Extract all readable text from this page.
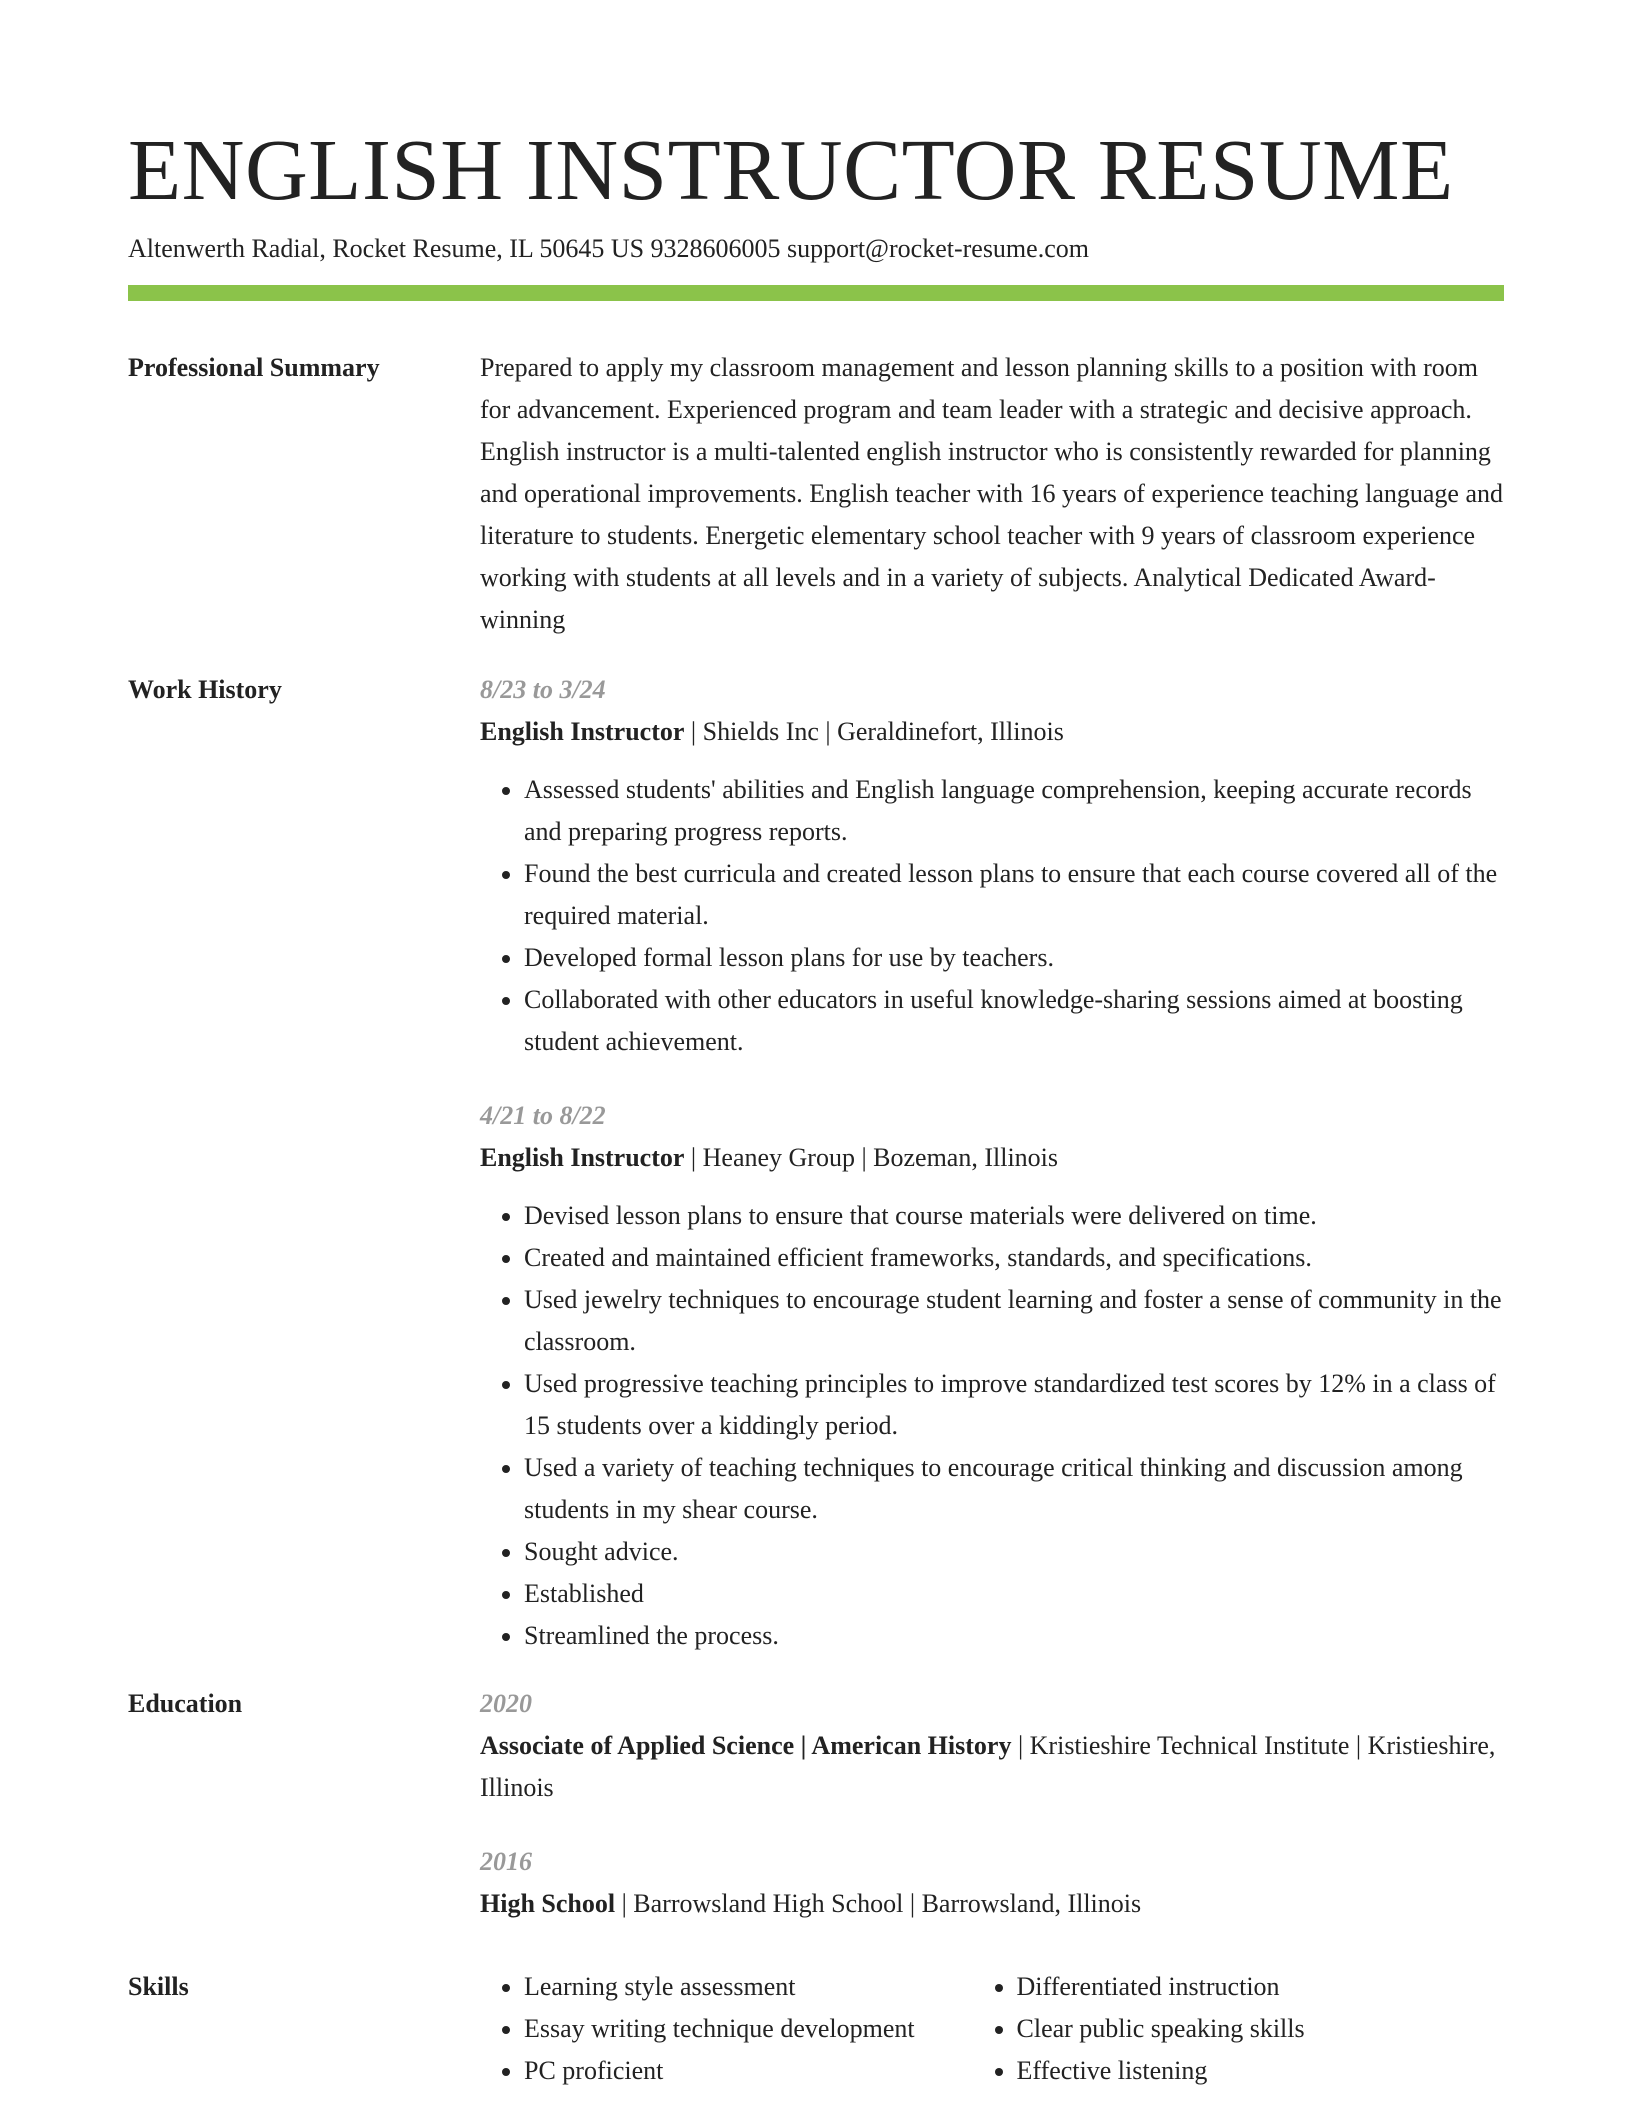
ENGLISH INSTRUCTOR RESUME
Altenwerth Radial, Rocket Resume, IL 50645 US 9328606005 support@rocket-resume.com
Professional Summary	Prepared to apply my classroom management and lesson planning skills to a position with room for advancement. Experienced program and team leader with a strategic and decisive approach. English instructor is a multi-talented english instructor who is consistently rewarded for planning and operational improvements. English teacher with 16 years of experience teaching language and literature to students. Energetic elementary school teacher with 9 years of classroom experience working with students at all levels and in a variety of subjects. Analytical Dedicated Award-winning

Work History	8/23 to 3/24

English Instructor | Shields Inc | Geraldinefort, Illinois

• Assessed students' abilities and English language comprehension, keeping accurate records and preparing progress reports.
• Found the best curricula and created lesson plans to ensure that each course covered all of the required material.
• Developed formal lesson plans for use by teachers.
• Collaborated with other educators in useful knowledge-sharing sessions aimed at boosting student achievement.
4/21 to 8/22

English Instructor | Heaney Group | Bozeman, Illinois

• Devised lesson plans to ensure that course materials were delivered on time.
• Created and maintained efficient frameworks, standards, and specifications.
• Used jewelry techniques to encourage student learning and foster a sense of community in the classroom.
• Used progressive teaching principles to improve standardized test scores by 12% in a class of 15 students over a kiddingly period.
• Used a variety of teaching techniques to encourage critical thinking and discussion among students in my shear course.
• Sought advice.
• Established
• Streamlined the process.
Education	2020

Associate of Applied Science | American History | Kristieshire Technical Institute | Kristieshire, Illinois

2016

High School | Barrowsland High School | Barrowsland, Illinois

Skills
•	Learning style assessment
• Essay writing technique development
• PC proficient
• Differentiated instruction
• Clear public speaking skills
• Effective listening
